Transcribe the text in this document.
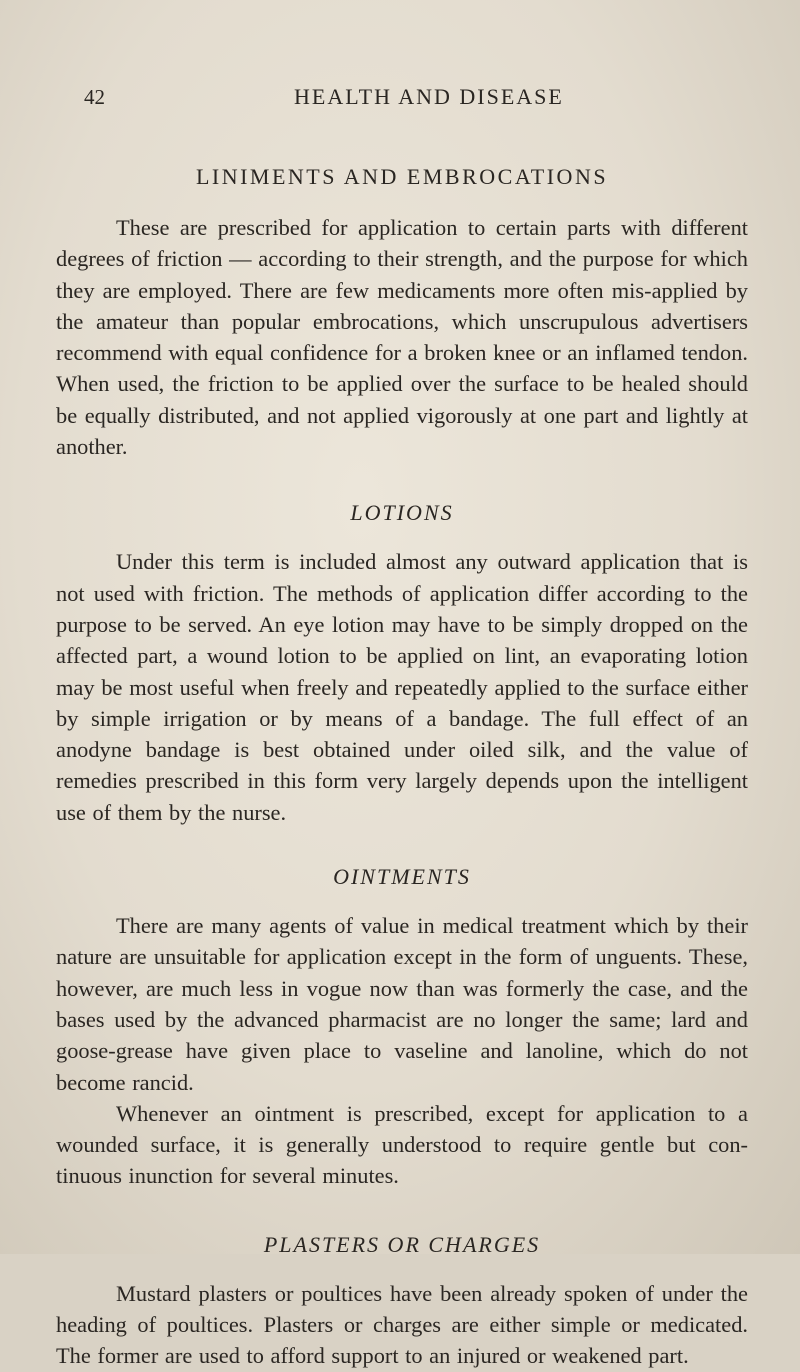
42	HEALTH AND DISEASE
LINIMENTS AND EMBROCATIONS

These are prescribed for application to certain parts with different degrees of friction — according to their strength, and the purpose for which they are employed. There are few medicaments more often mis-applied by the amateur than popular embrocations, which unscrupulous advertisers recommend with equal confidence for a broken knee or an inflamed tendon. When used, the friction to be applied over the surface to be healed should be equally distributed, and not applied vigorously at one part and lightly at another.

LOTIONS

Under this term is included almost any outward application that is not used with friction. The methods of application differ according to the purpose to be served. An eye lotion may have to be simply dropped on the affected part, a wound lotion to be applied on lint, an evaporating lotion may be most useful when freely and repeatedly applied to the surface either by simple irrigation or by means of a bandage. The full effect of an anodyne bandage is best obtained under oiled silk, and the value of remedies prescribed in this form very largely depends upon the intelligent use of them by the nurse.

OINTMENTS

There are many agents of value in medical treatment which by their nature are unsuitable for application except in the form of unguents. These, however, are much less in vogue now than was formerly the case, and the bases used by the advanced pharmacist are no longer the same; lard and goose-grease have given place to vaseline and lanoline, which do not become rancid.

Whenever an ointment is prescribed, except for application to a wounded surface, it is generally understood to require gentle but con-tinuous inunction for several minutes.

PLASTERS OR CHARGES

Mustard plasters or poultices have been already spoken of under the heading of poultices. Plasters or charges are either simple or medicated. The former are used to afford support to an injured or weakened part.
